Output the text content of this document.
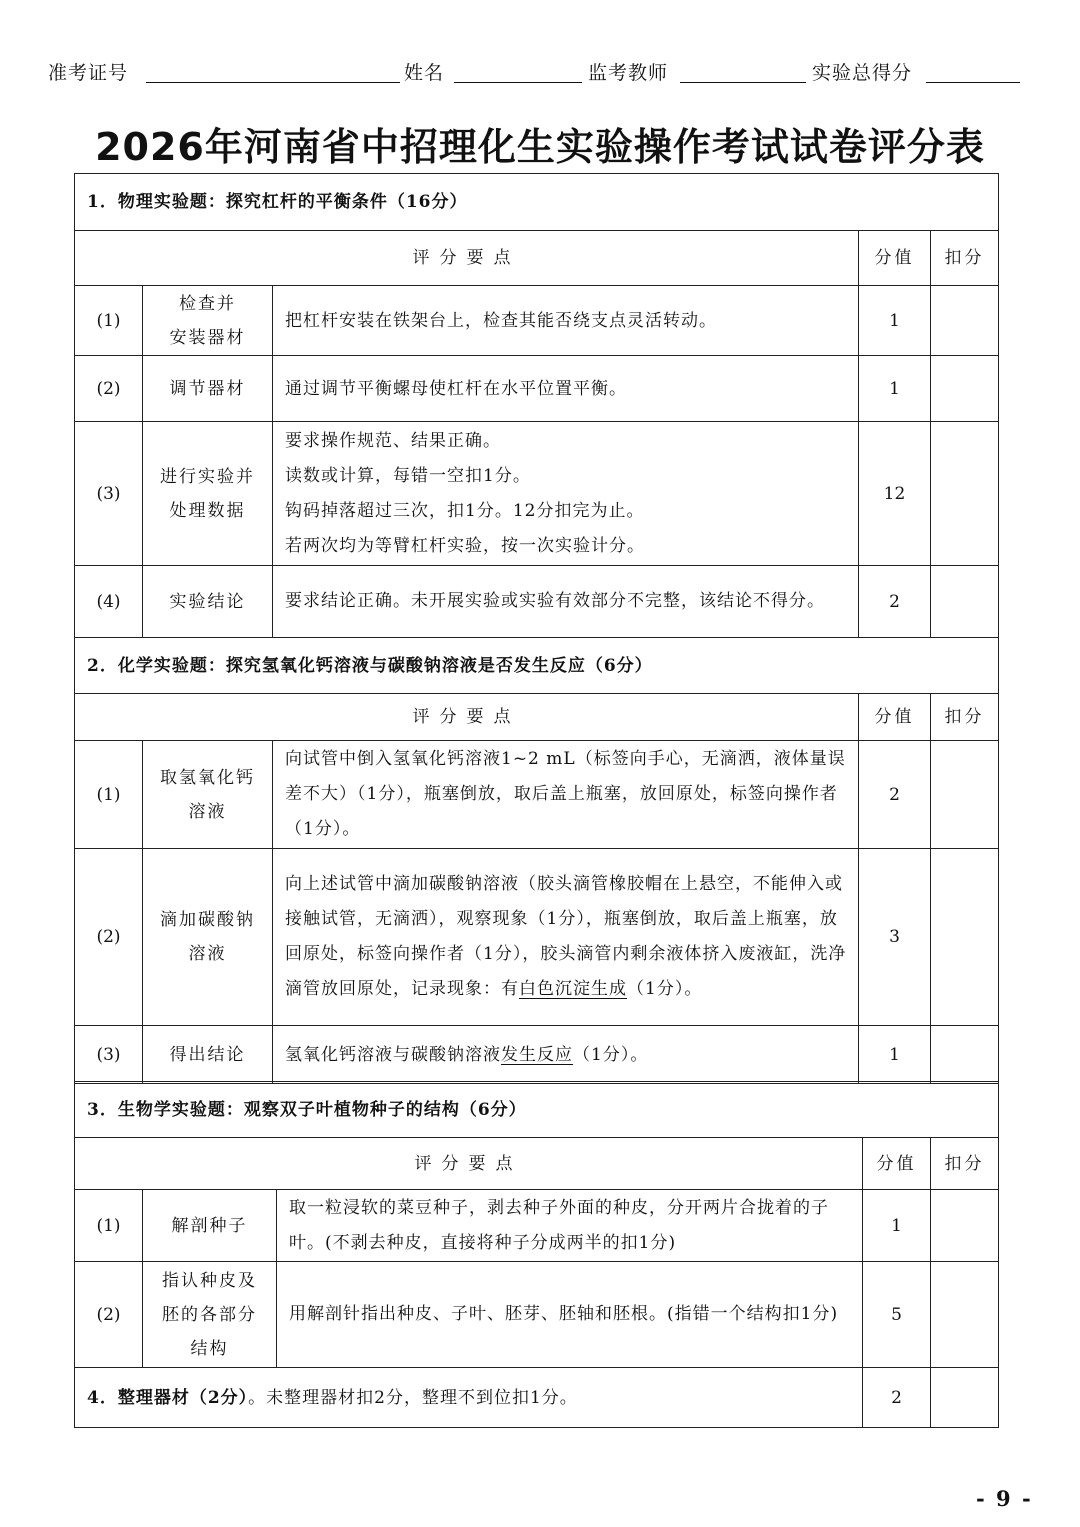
准考证号	姓名	监考教师	实验总得分
2026年河南省中招理化生实验操作考试试卷评分表
1．物理实验题：探究杠杆的平衡条件（16分）				
评分要点			分值	扣分
(1)	检查并
安装器材	把杠杆安装在铁架台上，检查其能否绕支点灵活转动。	1	
(2)	调节器材	通过调节平衡螺母使杠杆在水平位置平衡。	1	
(3)	进行实验并
处理数据	要求操作规范、结果正确。
读数或计算，每错一空扣1分。
钩码掉落超过三次，扣1分。12分扣完为止。
若两次均为等臂杠杆实验，按一次实验计分。	12	
(4)	实验结论	要求结论正确。未开展实验或实验有效部分不完整，该结论不得分。	2	
2．化学实验题：探究氢氧化钙溶液与碳酸钠溶液是否发生反应（6分）				
评分要点			分值	扣分
(1)	取氢氧化钙
溶液	向试管中倒入氢氧化钙溶液1~2 mL（标签向手心，无滴洒，液体量误差不大）（1分），瓶塞倒放，取后盖上瓶塞，放回原处，标签向操作者（1分）。	2	
(2)	滴加碳酸钠
溶液	向上述试管中滴加碳酸钠溶液（胶头滴管橡胶帽在上悬空，不能伸入或接触试管，无滴洒），观察现象（1分），瓶塞倒放，取后盖上瓶塞，放回原处，标签向操作者（1分），胶头滴管内剩余液体挤入废液缸，洗净滴管放回原处，记录现象：有白色沉淀生成（1分）。	3	
(3)	得出结论	氢氧化钙溶液与碳酸钠溶液发生反应（1分）。	1	
3．生物学实验题：观察双子叶植物种子的结构（6分）				
评分要点			分值	扣分
(1)	解剖种子	取一粒浸软的菜豆种子，剥去种子外面的种皮，分开两片合拢着的子叶。(不剥去种皮，直接将种子分成两半的扣1分)	1	
(2)	指认种皮及
胚的各部分
结构	用解剖针指出种皮、子叶、胚芽、胚轴和胚根。(指错一个结构扣1分)	5	
4．整理器材（2分）。未整理器材扣2分，整理不到位扣1分。			2	
- 9 -
